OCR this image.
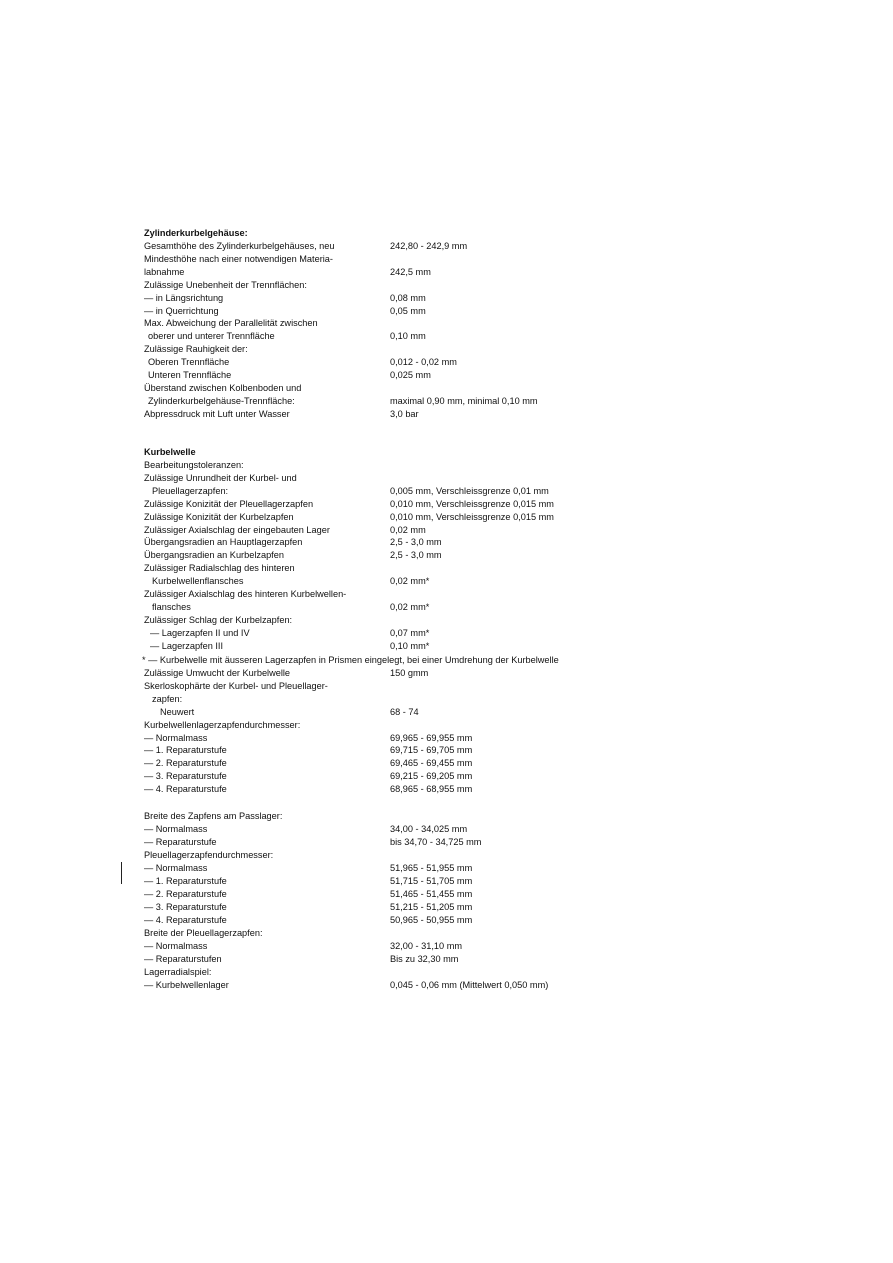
Zylinderkurbelgehäuse:
Gesamthöhe des Zylinderkurbelgehäuses, neu	242,80 - 242,9 mm
Mindesthöhe nach einer notwendigen Materia-
labnahme	242,5 mm
Zulässige Unebenheit der Trennflächen:
— in Längsrichtung	0,08 mm
— in Querrichtung	0,05 mm
Max. Abweichung der Parallelität zwischen
oberer und unterer Trennfläche	0,10 mm
Zulässige Rauhigkeit der:
Oberen Trennfläche	0,012 - 0,02 mm
Unteren Trennfläche	0,025 mm
Überstand zwischen Kolbenboden und
Zylinderkurbelgehäuse-Trennfläche:	maximal 0,90 mm, minimal 0,10 mm
Abpressdruck mit Luft unter Wasser	3,0 bar
Kurbelwelle
Bearbeitungstoleranzen:
Zulässige Unrundheit der Kurbel- und
Pleuellagerzapfen:	0,005 mm, Verschleissgrenze 0,01 mm
Zulässige Konizität der Pleuellagerzapfen	0,010 mm, Verschleissgrenze 0,015 mm
Zulässige Konizität der Kurbelzapfen	0,010 mm, Verschleissgrenze 0,015 mm
Zulässiger Axialschlag der eingebauten Lager	0,02 mm
Übergangsradien an Hauptlagerzapfen	2,5 - 3,0 mm
Übergangsradien an Kurbelzapfen	2,5 - 3,0 mm
Zulässiger Radialschlag des hinteren
Kurbelwellenflansches	0,02 mm*
Zulässiger Axialschlag des hinteren Kurbelwellen-
flansches	0,02 mm*
Zulässiger Schlag der Kurbelzapfen:
— Lagerzapfen II und IV	0,07 mm*
— Lagerzapfen III	0,10 mm*
* — Kurbelwelle mit äusseren Lagerzapfen in Prismen eingelegt, bei einer Umdrehung der Kurbelwelle
Zulässige Umwucht der Kurbelwelle	150 gmm
Skerloskophärte der Kurbel- und Pleuellager-
zapfen:
Neuwert	68 - 74
Kurbelwellenlagerzapfendurchmesser:
— Normalmass	69,965 - 69,955 mm
— 1. Reparaturstufe	69,715 - 69,705 mm
— 2. Reparaturstufe	69,465 - 69,455 mm
— 3. Reparaturstufe	69,215 - 69,205 mm
— 4. Reparaturstufe	68,965 - 68,955 mm
Breite des Zapfens am Passlager:
— Normalmass	34,00 - 34,025 mm
— Reparaturstufe	bis 34,70 - 34,725 mm
Pleuellagerzapfendurchmesser:
— Normalmass	51,965 - 51,955 mm
— 1. Reparaturstufe	51,715 - 51,705 mm
— 2. Reparaturstufe	51,465 - 51,455 mm
— 3. Reparaturstufe	51,215 - 51,205 mm
— 4. Reparaturstufe	50,965 - 50,955 mm
Breite der Pleuellagerzapfen:
— Normalmass	32,00 - 31,10 mm
— Reparaturstufen	Bis zu 32,30 mm
Lagerradialspiel:
— Kurbelwellenlager	0,045 - 0,06 mm (Mittelwert 0,050 mm)
